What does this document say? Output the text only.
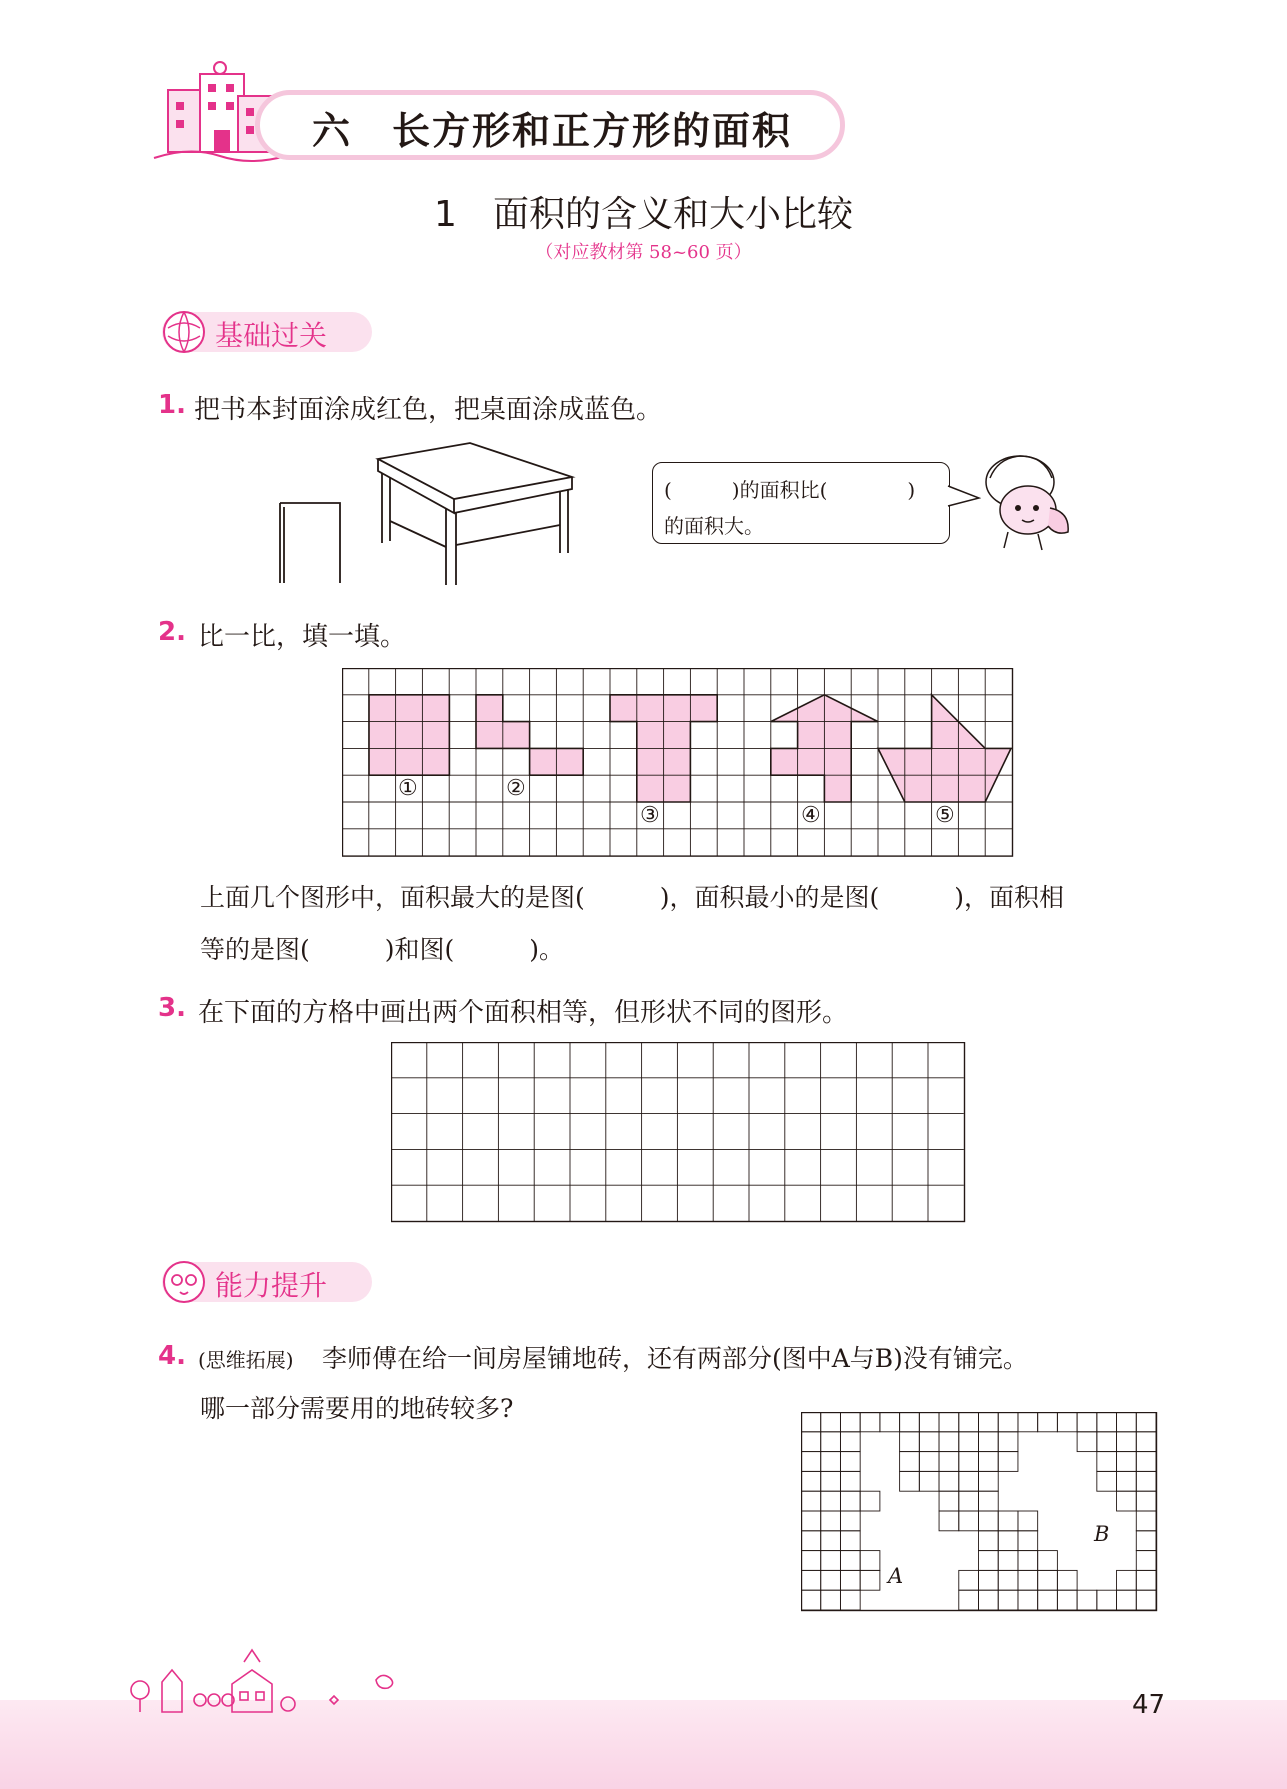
六　长方形和正方形的面积
1　面积的含义和大小比较
（对应教材第 58~60 页）
基础过关
1. 把书本封面涂成红色，把桌面涂成蓝色。
(　　　)的面积比(　　　　)
的面积大。
2. 比一比，填一填。
①	②
③	④	⑤
上面几个图形中，面积最大的是图(　　　)，面积最小的是图(　　　)，面积相
等的是图(　　　)和图(　　　)。
3. 在下面的方格中画出两个面积相等，但形状不同的图形。
能力提升
4. (思维拓展) 李师傅在给一间房屋铺地砖，还有两部分(图中A与B)没有铺完。
哪一部分需要用的地砖较多?
A
B
47
